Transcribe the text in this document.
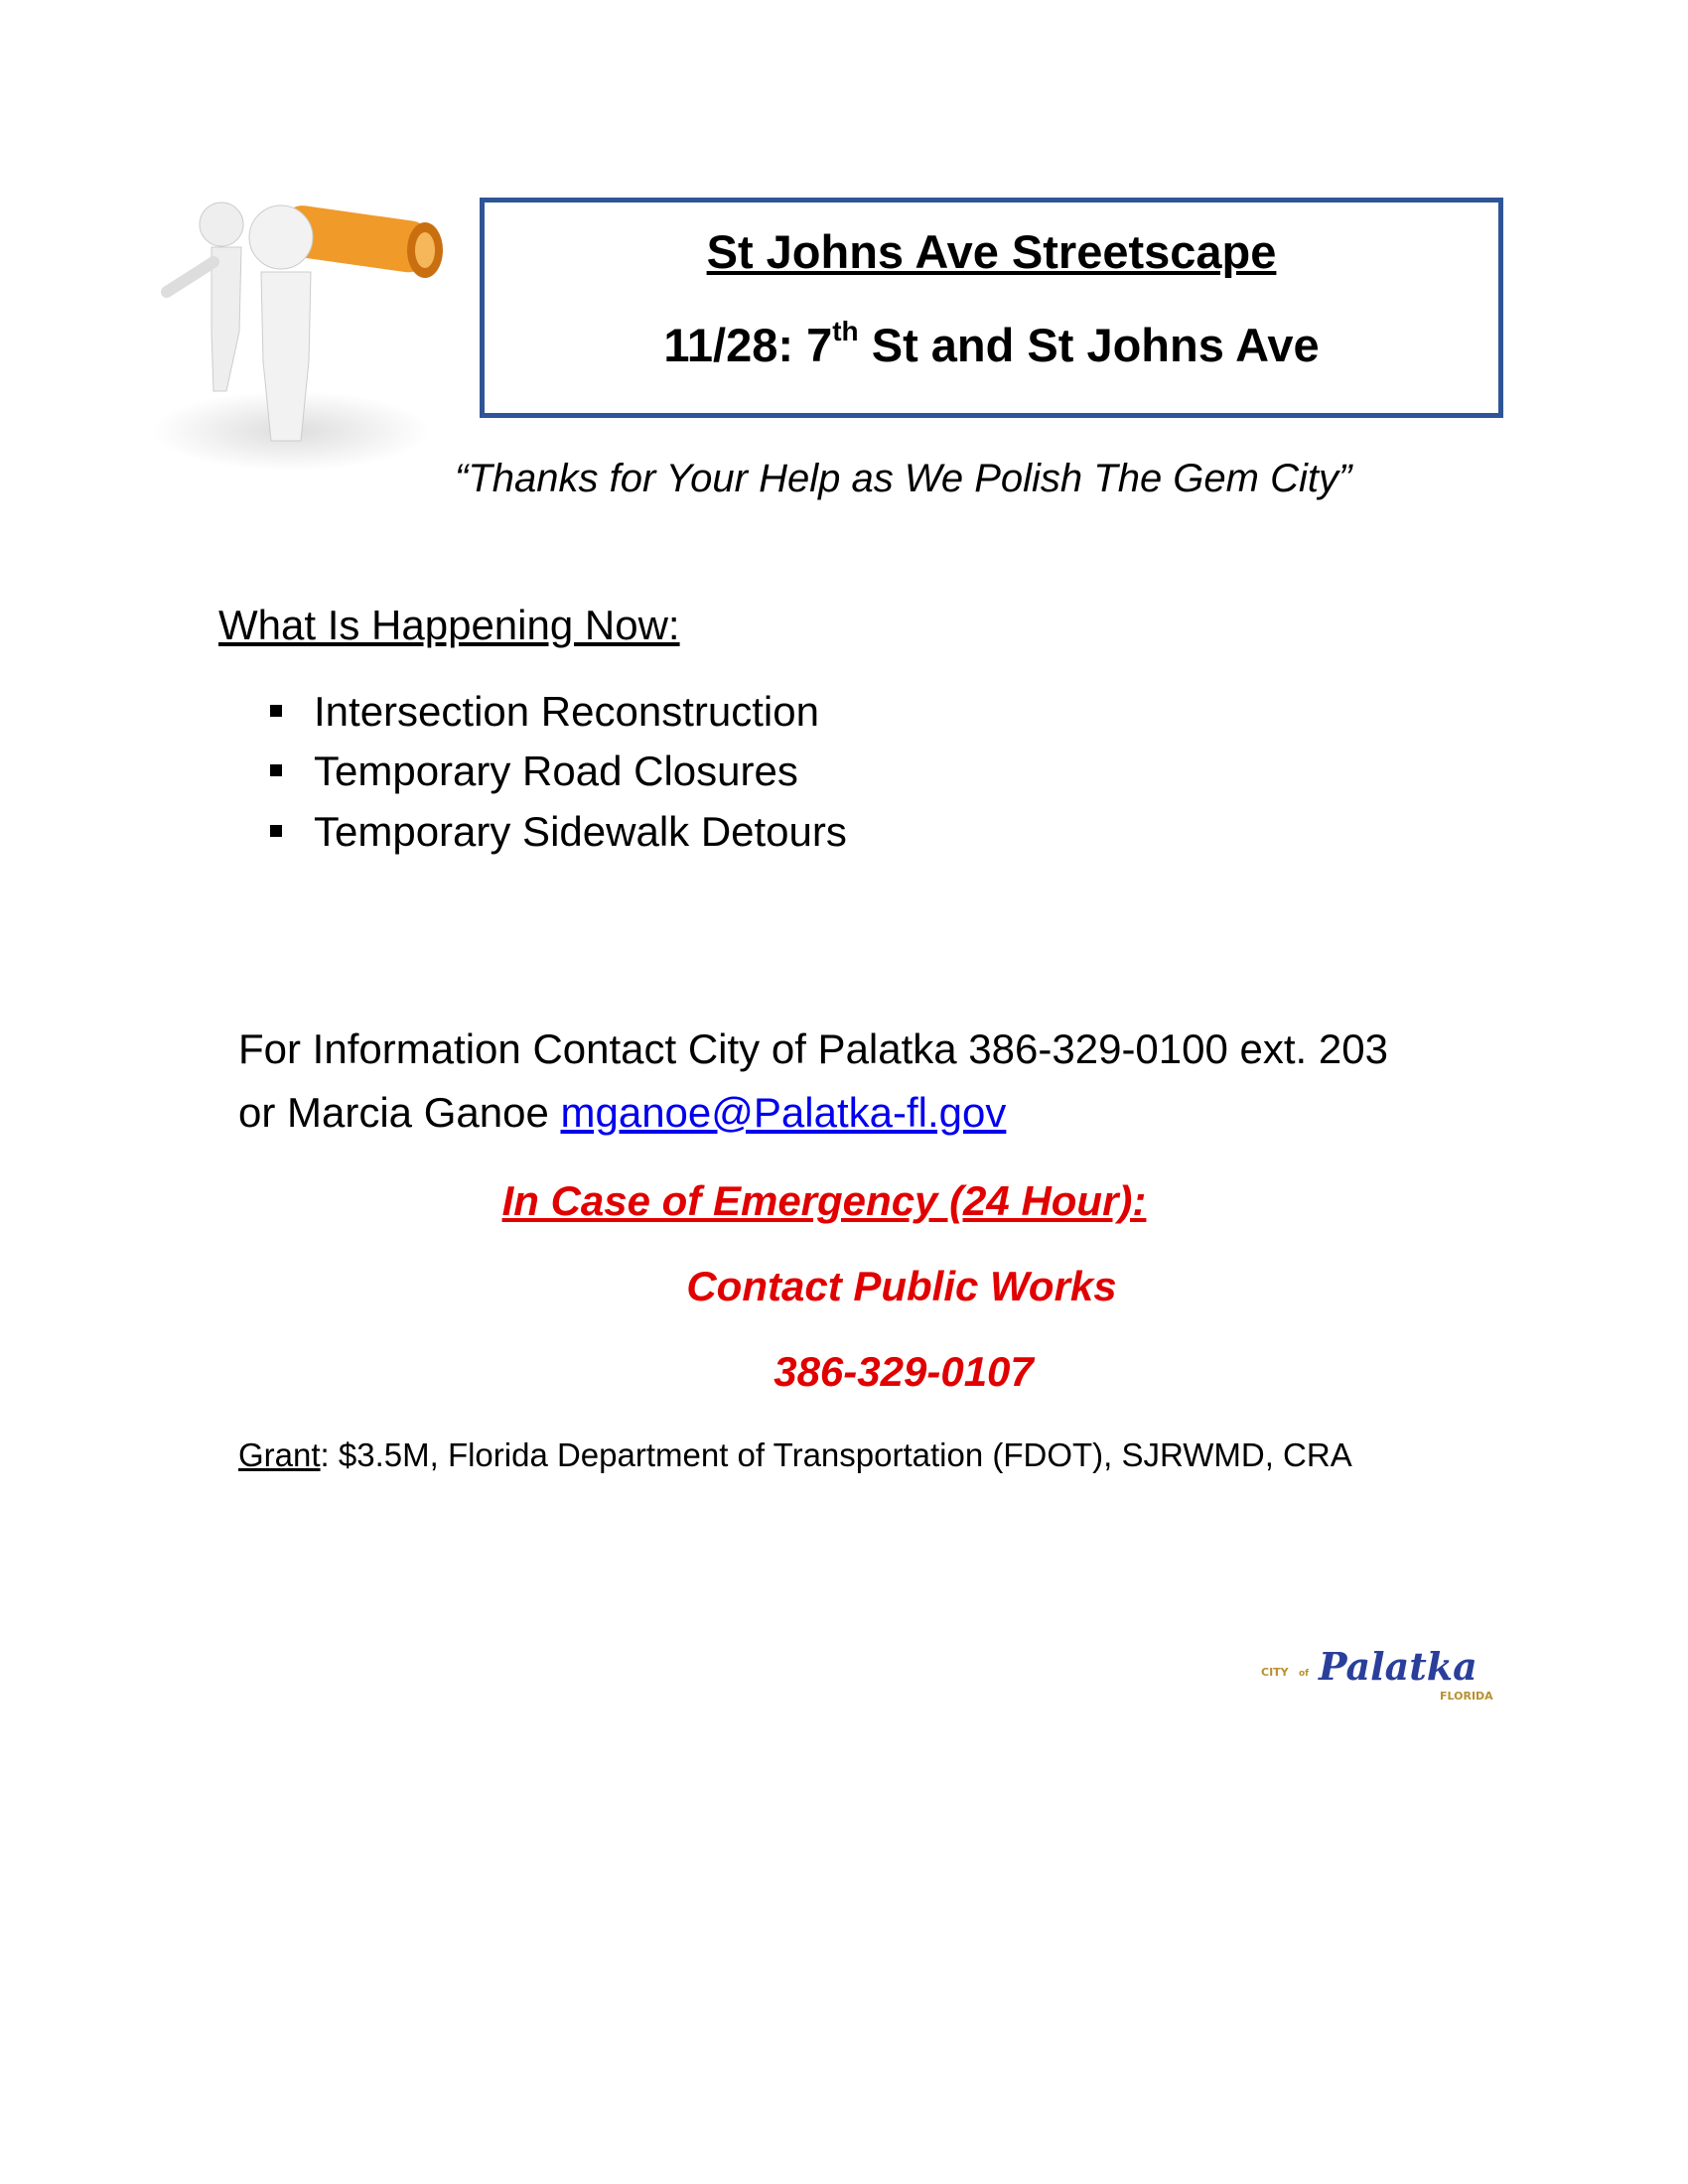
St Johns Ave Streetscape
11/28: 7th St and St Johns Ave
“Thanks for Your Help as We Polish The Gem City”
What Is Happening Now:
Intersection Reconstruction
Temporary Road Closures
Temporary Sidewalk Detours
For Information Contact City of Palatka 386-329-0100 ext. 203
or Marcia Ganoe mganoe@Palatka-fl.gov
In Case of Emergency (24 Hour):
Contact Public Works
386-329-0107
Grant: $3.5M, Florida Department of Transportation (FDOT), SJRWMD, CRA
CITY of Palatka
FLORIDA
